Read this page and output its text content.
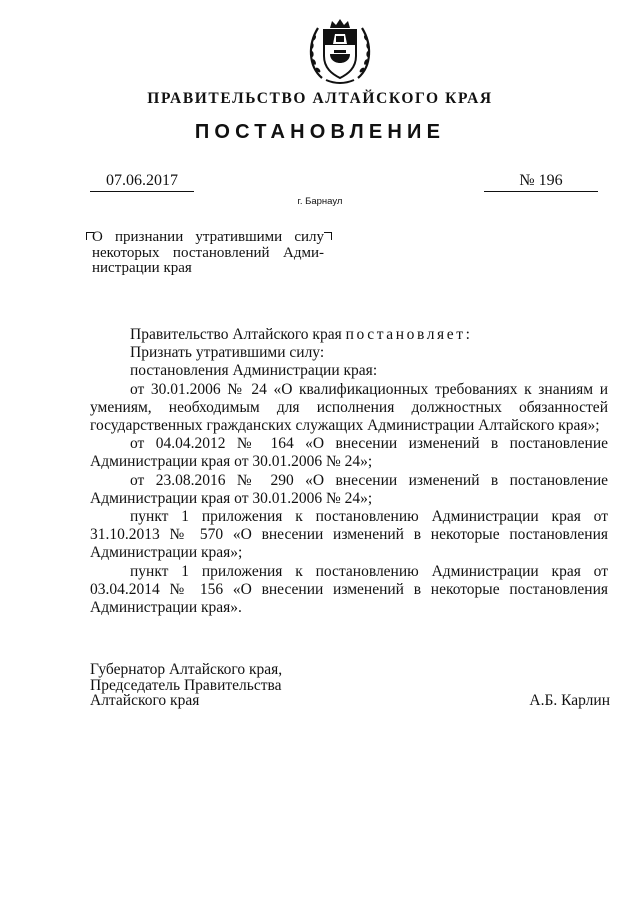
ПРАВИТЕЛЬСТВО АЛТАЙСКОГО КРАЯ
ПОСТАНОВЛЕНИЕ
07.06.2017	№ 196
г. Барнаул
О признании утратившими силу
некоторых постановлений Адми-
нистрации края

Правительство Алтайского края постановляет:

Признать утратившими силу:

постановления Администрации края:

от 30.01.2006 № 24 «О квалификационных требованиях к знаниям и умениям, необходимым для исполнения должностных обязанностей государственных гражданских служащих Администрации Алтайского края»;

от 04.04.2012 № 164 «О внесении изменений в постановление Администрации края от 30.01.2006 № 24»;

от 23.08.2016 № 290 «О внесении изменений в постановление Администрации края от 30.01.2006 № 24»;

пункт 1 приложения к постановлению Администрации края от 31.10.2013 № 570 «О внесении изменений в некоторые постановления Администрации края»;

пункт 1 приложения к постановлению Администрации края от 03.04.2014 № 156 «О внесении изменений в некоторые постановления Администрации края».

Губернатор Алтайского края,
Председатель Правительства
Алтайского края	А.Б. Карлин
